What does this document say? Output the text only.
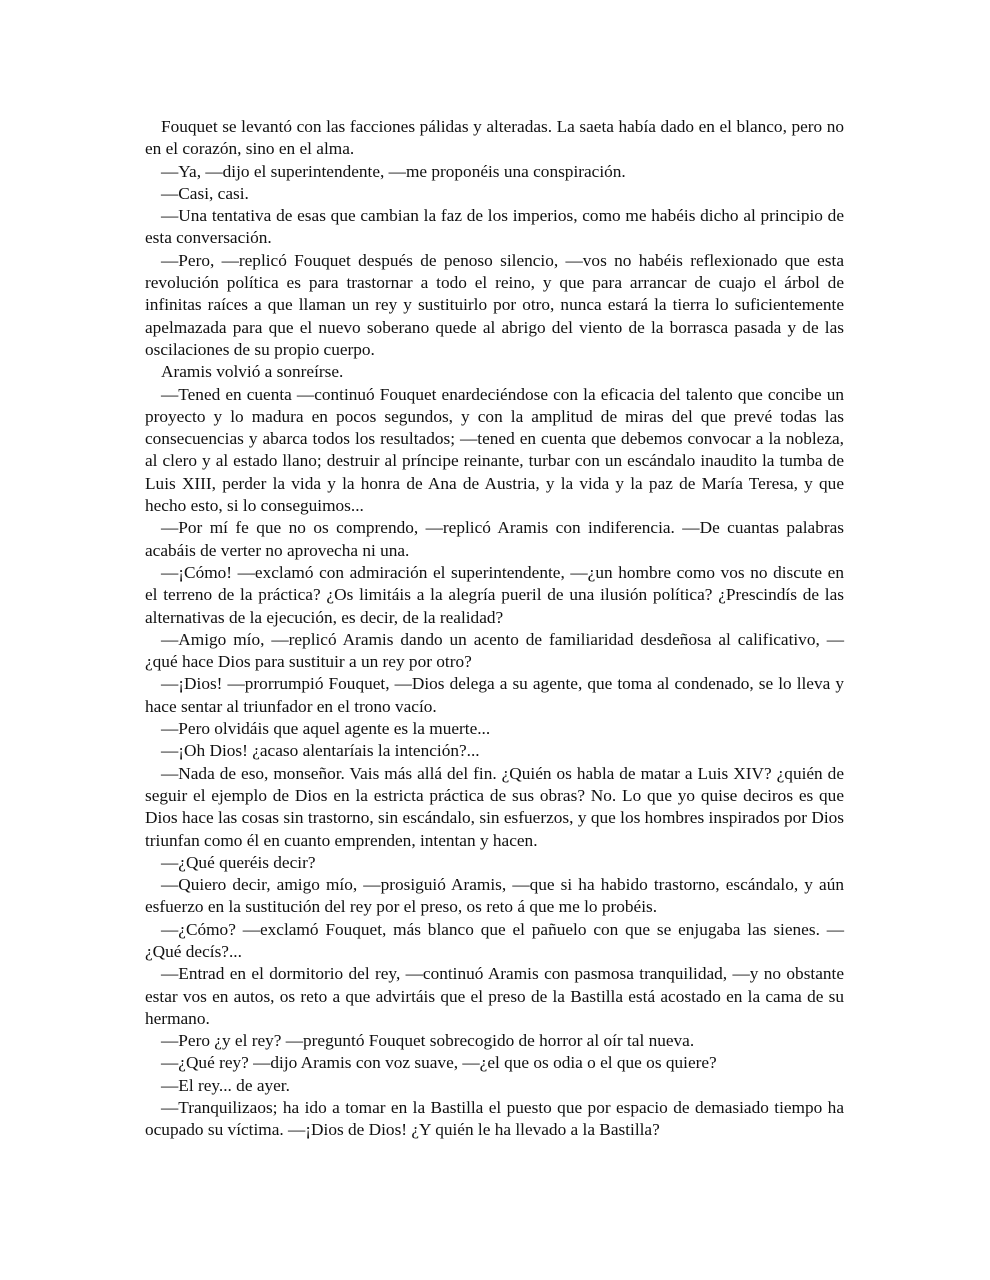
Fouquet se levantó con las facciones pálidas y alteradas. La saeta había dado en el blanco, pero no en el corazón, sino en el alma.

—Ya, —dijo el superintendente, —me proponéis una conspiración.

—Casi, casi.

—Una tentativa de esas que cambian la faz de los imperios, como me habéis dicho al principio de esta conversación.

—Pero, —replicó Fouquet después de penoso silencio, —vos no habéis reflexionado que esta revolución política es para trastornar a todo el reino, y que para arrancar de cuajo el árbol de infinitas raíces a que llaman un rey y sustituirlo por otro, nunca estará la tierra lo suficientemente apelmazada para que el nuevo soberano quede al abrigo del viento de la borrasca pasada y de las oscilaciones de su propio cuerpo.

Aramis volvió a sonreírse.

—Tened en cuenta —continuó Fouquet enardeciéndose con la eficacia del talento que concibe un proyecto y lo madura en pocos segundos, y con la amplitud de miras del que prevé todas las consecuencias y abarca todos los resultados; —tened en cuenta que debemos convocar a la nobleza, al clero y al estado llano; destruir al príncipe reinante, turbar con un escándalo inaudito la tumba de Luis XIII, perder la vida y la honra de Ana de Austria, y la vida y la paz de María Teresa, y que hecho esto, si lo conseguimos...

—Por mí fe que no os comprendo, —replicó Aramis con indiferencia. —De cuantas palabras acabáis de verter no aprovecha ni una.

—¡Cómo! —exclamó con admiración el superintendente, —¿un hombre como vos no discute en el terreno de la práctica? ¿Os limitáis a la alegría pueril de una ilusión política? ¿Prescindís de las alternativas de la ejecución, es decir, de la realidad?

—Amigo mío, —replicó Aramis dando un acento de familiaridad desdeñosa al calificativo, —¿qué hace Dios para sustituir a un rey por otro?

—¡Dios! —prorrumpió Fouquet, —Dios delega a su agente, que toma al condenado, se lo lleva y hace sentar al triunfador en el trono vacío.

—Pero olvidáis que aquel agente es la muerte...

—¡Oh Dios! ¿acaso alentaríais la intención?...

—Nada de eso, monseñor. Vais más allá del fin. ¿Quién os habla de matar a Luis XIV? ¿quién de seguir el ejemplo de Dios en la estricta práctica de sus obras? No. Lo que yo quise deciros es que Dios hace las cosas sin trastorno, sin escándalo, sin esfuerzos, y que los hombres inspirados por Dios triunfan como él en cuanto emprenden, intentan y hacen.

—¿Qué queréis decir?

—Quiero decir, amigo mío, —prosiguió Aramis, —que si ha habido trastorno, escándalo, y aún esfuerzo en la sustitución del rey por el preso, os reto á que me lo probéis.

—¿Cómo? —exclamó Fouquet, más blanco que el pañuelo con que se enjugaba las sienes. —¿Qué decís?...

—Entrad en el dormitorio del rey, —continuó Aramis con pasmosa tranquilidad, —y no obstante estar vos en autos, os reto a que advirtáis que el preso de la Bastilla está acostado en la cama de su hermano.

—Pero ¿y el rey? —preguntó Fouquet sobrecogido de horror al oír tal nueva.

—¿Qué rey? —dijo Aramis con voz suave, —¿el que os odia o el que os quiere?

—El rey... de ayer.

—Tranquilizaos; ha ido a tomar en la Bastilla el puesto que por espacio de demasiado tiempo ha ocupado su víctima. —¡Dios de Dios! ¿Y quién le ha llevado a la Bastilla?
